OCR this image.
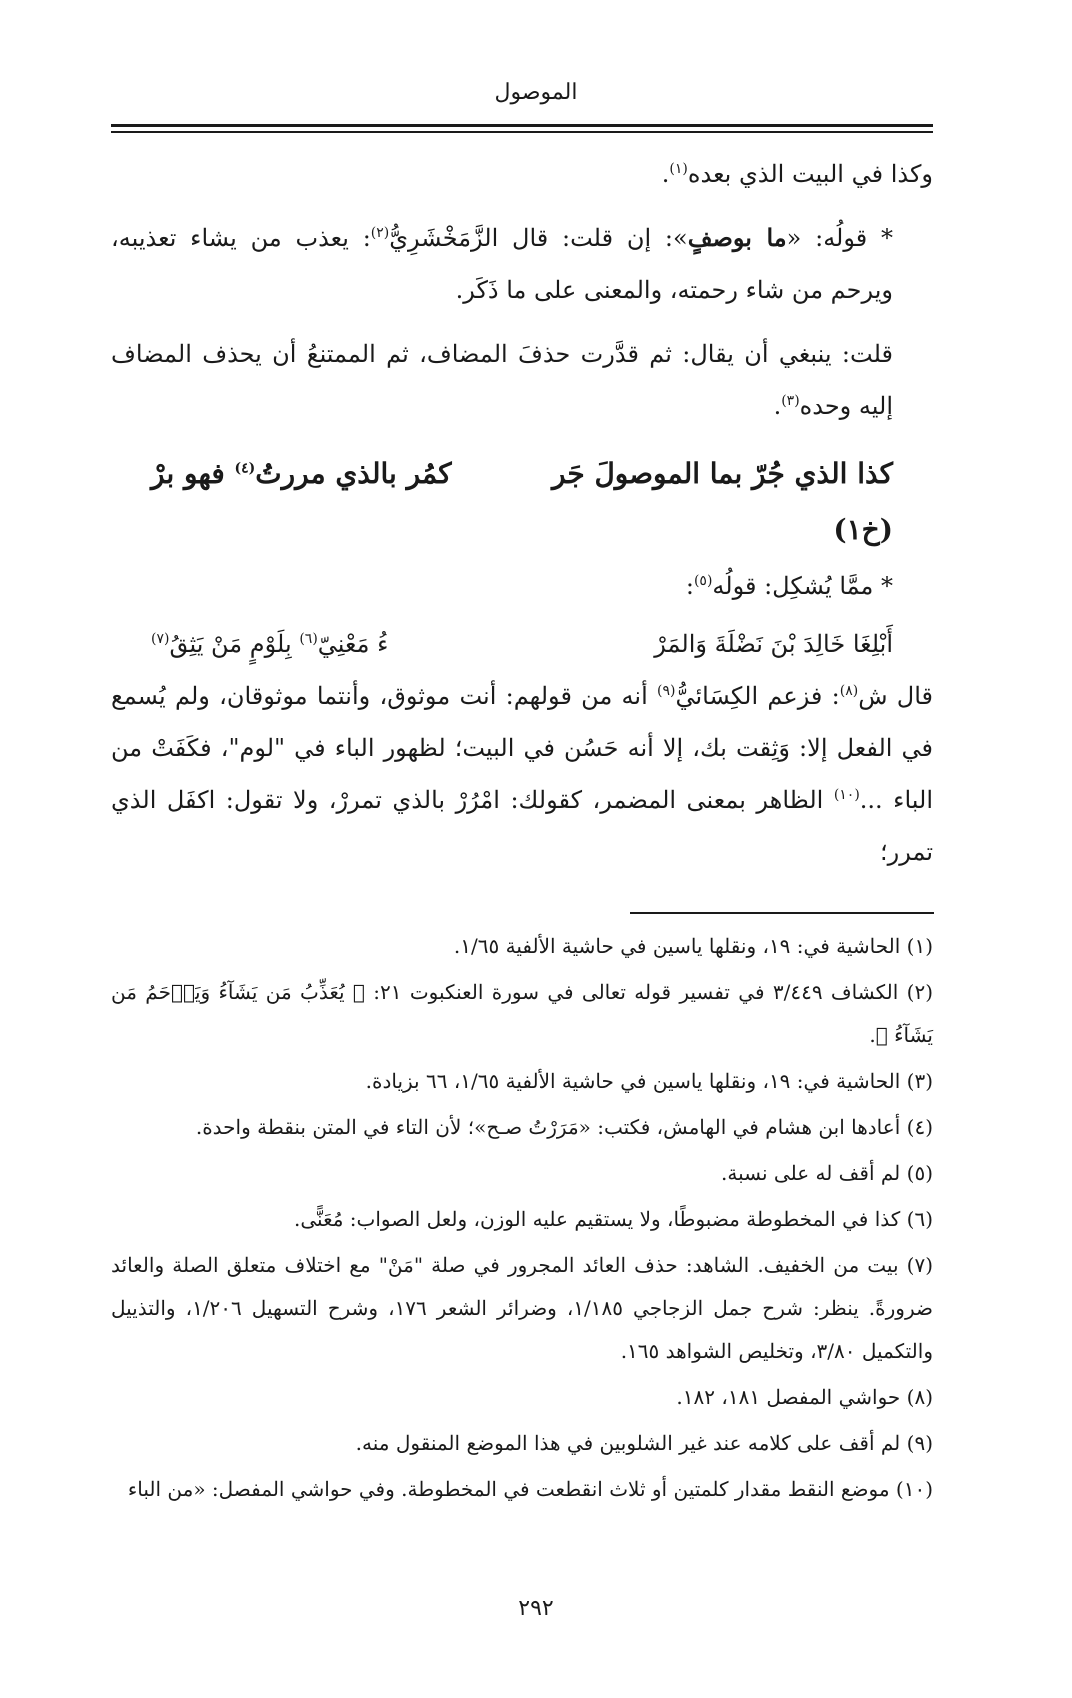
الموصول

وكذا في البيت الذي بعده$^{(١)}$.

* قولُه: «ما بوصفٍ»: إن قلت: قال الزَّمَخْشَرِيُّ$^{(٢)}$: يعذب من يشاء تعذيبه، ويرحم من شاء رحمته، والمعنى على ما ذَكَر.

قلت: ينبغي أن يقال: ثم قدَّرت حذفَ المضاف، ثم الممتنعُ أن يحذف المضاف إليه وحده$^{(٣)}$.

كذا الذي جُرّ بما الموصولَ جَر
كمُر بالذي مررتُ$^{(٤)}$ فهو برْ
(خ١)

* ممَّا يُشكِل: قولُه$^{(٥)}$:

أَبْلِغَا خَالِدَ بْنَ نَضْلَةَ وَالمَرْ
ءُ مَعْنِيّ$^{(٦)}$ بِلَوْمٍ مَنْ يَثِقُ$^{(٧)}$

قال ش$^{(٨)}$: فزعم الكِسَائيُّ$^{(٩)}$ أنه من قولهم: أنت موثوق، وأنتما موثوقان، ولم يُسمع في الفعل إلا: وَثِقت بك، إلا أنه حَسُن في البيت؛ لظهور الباء في "لوم"، فكَفَتْ من الباء ...$^{(١٠)}$ الظاهر بمعنى المضمر، كقولك: امْرُرْ بالذي تمررْ، ولا تقول: اكفَل الذي تمرر؛

(١) الحاشية في: ١٩، ونقلها ياسين في حاشية الألفية ١/٦٥.

(٢) الكشاف ٣/٤٤٩ في تفسير قوله تعالى في سورة العنكبوت ٢١: ﴿ يُعَذِّبُ مَن يَشَآءُ وَيَرۡحَمُ مَن يَشَآءُ ﴾.

(٣) الحاشية في: ١٩، ونقلها ياسين في حاشية الألفية ١/٦٥، ٦٦ بزيادة.

(٤) أعادها ابن هشام في الهامش، فكتب: «مَرَرْتُ صـح»؛ لأن التاء في المتن بنقطة واحدة.

(٥) لم أقف له على نسبة.

(٦) كذا في المخطوطة مضبوطًا، ولا يستقيم عليه الوزن، ولعل الصواب: مُعَنًّى.

(٧) بيت من الخفيف. الشاهد: حذف العائد المجرور في صلة "مَنْ" مع اختلاف متعلق الصلة والعائد ضرورةً. ينظر: شرح جمل الزجاجي ١/١٨٥، وضرائر الشعر ١٧٦، وشرح التسهيل ١/٢٠٦، والتذييل والتكميل ٣/٨٠، وتخليص الشواهد ١٦٥.

(٨) حواشي المفصل ١٨١، ١٨٢.

(٩) لم أقف على كلامه عند غير الشلوبين في هذا الموضع المنقول منه.

(١٠) موضع النقط مقدار كلمتين أو ثلاث انقطعت في المخطوطة. وفي حواشي المفصل: «من الباء

٢٩٢
